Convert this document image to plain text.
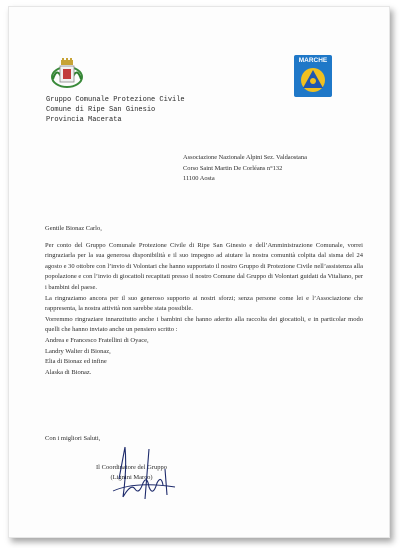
MARCHE
Gruppo Comunale Protezione Civile
Comune di Ripe San Ginesio
Provincia Macerata
Associazione Nazionale Alpini Sez. Valdaostana
Corso Saint Martin De Corléans n°132
11100 Aosta

Gentile Bionaz Carlo,

Per conto del Gruppo Comunale Protezione Civile di Ripe San Ginesio e dell’Amministrazione Comunale, vorrei ringraziarla per la sua generosa disponibilità e il suo impegno ad aiutare la nostra comunità colpita dal sisma del 24 agosto e 30 ottobre con l’invio di Volontari che hanno supportato il nostro Gruppo di Protezione Civile nell’assistenza alla popolazione e con l’invio di giocattoli recapitati presso il nostro Comune dal Gruppo di Volontari guidati da Vitaliano, per i bambini del paese.

La ringraziamo ancora per il suo generoso supporto ai nostri sforzi; senza persone come lei e l’Associazione che rappresenta, la nostra attività non sarebbe stata possibile.

Vorremmo ringraziare innanzitutto anche i bambini che hanno aderito alla raccolta dei giocattoli, e in particolar modo quelli che hanno inviato anche un pensiero scritto :

Andrea e Francesco Fratellini di Oyace,

Landry Walter di Bionaz,

Elia di Bionaz ed infine

Alaska di Bionaz.

Con i migliori Saluti,
Il Coordinatore del Gruppo
(Lignini Marco)
